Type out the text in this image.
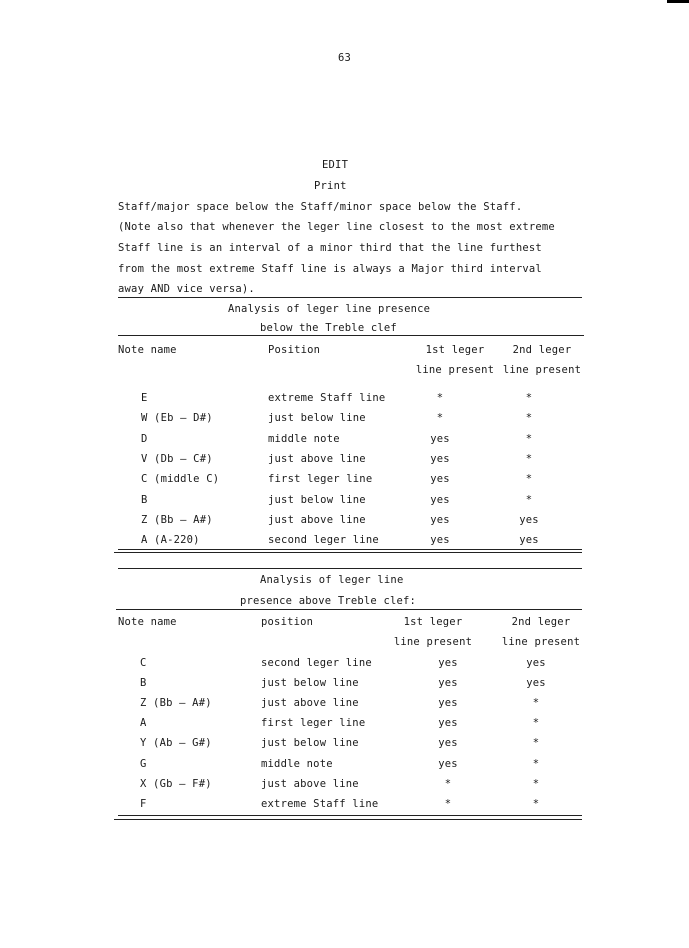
63
EDIT
Print
Staff/major space below the Staff/minor space below the Staff.
(Note also that whenever the leger line closest to the most extreme
Staff line is an interval of a minor third that the line furthest
from the most extreme Staff line is always a Major third interval
away AND vice versa).
Analysis of leger line presence
below the Treble clef
Note name	Position	1st leger
line present
2nd leger
line present
E	extreme Staff line	*	*
W (Eb – D#)	just below line	*	*
D	middle note	yes	*
V (Db – C#)	just above line	yes	*
C (middle C)	first leger line	yes	*
B	just below line	yes	*
Z (Bb – A#)	just above line	yes	yes
A (A-220)	second leger line	yes	yes
Analysis of leger line
presence above Treble clef:
Note name	position	1st leger
line present
2nd leger
line present
C	second leger line	yes	yes
B	just below line	yes	yes
Z (Bb – A#)	just above line	yes	*
A	first leger line	yes	*
Y (Ab – G#)	just below line	yes	*
G	middle note	yes	*
X (Gb – F#)	just above line	*	*
F	extreme Staff line	*	*
